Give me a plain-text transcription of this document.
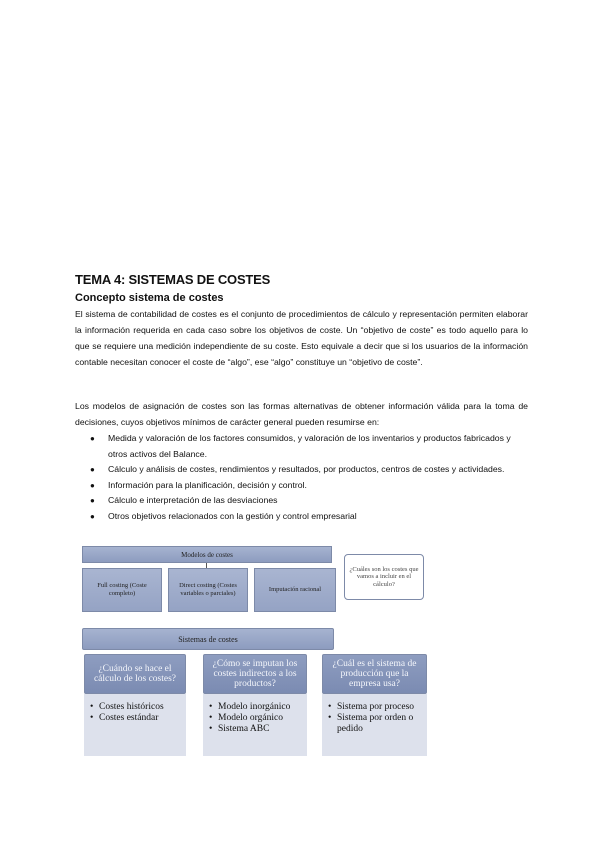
TEMA 4: SISTEMAS DE COSTES
Concepto sistema de costes

El sistema de contabilidad de costes es el conjunto de procedimientos de cálculo y representación permiten elaborar la información requerida en cada caso sobre los objetivos de coste. Un “objetivo de coste” es todo aquello para lo que se requiere una medición independiente de su coste. Esto equivale a decir que si los usuarios de la información contable necesitan conocer el coste de “algo”, ese “algo” constituye un “objetivo de coste”.

Los modelos de asignación de costes son las formas alternativas de obtener información válida para la toma de decisiones, cuyos objetivos mínimos de carácter general pueden resumirse en:

● Medida y valoración de los factores consumidos, y valoración de los inventarios y productos fabricados y otros activos del Balance.
● Cálculo y análisis de costes, rendimientos y resultados, por productos, centros de costes y actividades.
● Información para la planificación, decisión y control.
● Cálculo e interpretación de las desviaciones
● Otros objetivos relacionados con la gestión y control empresarial
Modelos de costes
Full costing (Coste completo)
Direct costing (Costes variables o parciales)
Imputación racional
¿Cuáles son los costes que vamos a incluir en el cálculo?
Sistemas de costes
¿Cuándo se hace el cálculo de los costes?
• Costes históricos
• Costes estándar
¿Cómo se imputan los costes indirectos a los productos?
• Modelo inorgánico
• Modelo orgánico
• Sistema ABC
¿Cuál es el sistema de producción que la empresa usa?
• Sistema por proceso
• Sistema por orden o pedido
